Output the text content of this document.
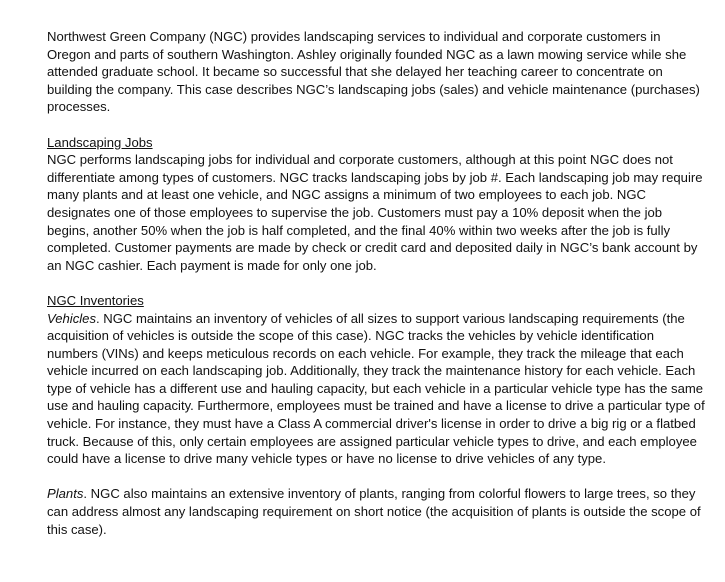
Northwest Green Company (NGC) provides landscaping services to individual and corporate customers in Oregon and parts of southern Washington. Ashley originally founded NGC as a lawn mowing service while she attended graduate school. It became so successful that she delayed her teaching career to concentrate on building the company. This case describes NGC’s landscaping jobs (sales) and vehicle maintenance (purchases) processes.

Landscaping Jobs

NGC performs landscaping jobs for individual and corporate customers, although at this point NGC does not differentiate among types of customers. NGC tracks landscaping jobs by job #. Each landscaping job may require many plants and at least one vehicle, and NGC assigns a minimum of two employees to each job. NGC designates one of those employees to supervise the job. Customers must pay a 10% deposit when the job begins, another 50% when the job is half completed, and the final 40% within two weeks after the job is fully completed. Customer payments are made by check or credit card and deposited daily in NGC’s bank account by an NGC cashier. Each payment is made for only one job.

NGC Inventories

Vehicles. NGC maintains an inventory of vehicles of all sizes to support various landscaping requirements (the acquisition of vehicles is outside the scope of this case). NGC tracks the vehicles by vehicle identification numbers (VINs) and keeps meticulous records on each vehicle. For example, they track the mileage that each vehicle incurred on each landscaping job. Additionally, they track the maintenance history for each vehicle. Each type of vehicle has a different use and hauling capacity, but each vehicle in a particular vehicle type has the same use and hauling capacity. Furthermore, employees must be trained and have a license to drive a particular type of vehicle. For instance, they must have a Class A commercial driver's license in order to drive a big rig or a flatbed truck. Because of this, only certain employees are assigned particular vehicle types to drive, and each employee could have a license to drive many vehicle types or have no license to drive vehicles of any type.

Plants. NGC also maintains an extensive inventory of plants, ranging from colorful flowers to large trees, so they can address almost any landscaping requirement on short notice (the acquisition of plants is outside the scope of this case).
